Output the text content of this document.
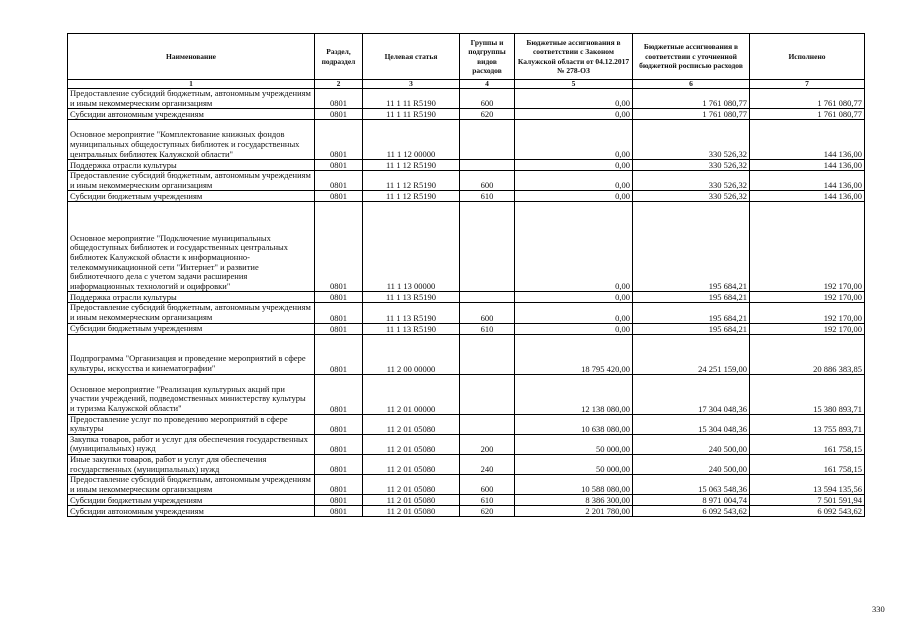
Наименование	Раздел, подраздел	Целевая статья	Группы и подгруппы видов расходов	Бюджетные ассигнования в соответствии с Законом Калужской области от 04.12.2017 № 278-ОЗ	Бюджетные ассигнования в соответствии с уточненной бюджетной росписью расходов	Исполнено
1	2	3	4	5	6	7
Предоставление субсидий бюджетным, автономным учреждениям и иным некоммерческим организациям	0801	11 1 11 R5190	600	0,00	1 761 080,77	1 761 080,77
Субсидии автономным учреждениям	0801	11 1 11 R5190	620	0,00	1 761 080,77	1 761 080,77
Основное мероприятие "Комплектование книжных фондов муниципальных общедоступных библиотек и государственных центральных библиотек Калужской области"	0801	11 1 12 00000		0,00	330 526,32	144 136,00
Поддержка отрасли культуры	0801	11 1 12 R5190		0,00	330 526,32	144 136,00
Предоставление субсидий бюджетным, автономным учреждениям и иным некоммерческим организациям	0801	11 1 12 R5190	600	0,00	330 526,32	144 136,00
Субсидии бюджетным учреждениям	0801	11 1 12 R5190	610	0,00	330 526,32	144 136,00
Основное мероприятие "Подключение муниципальных общедоступных библиотек и государственных центральных библиотек Калужской области к информационно-телекоммуникационной сети "Интернет" и развитие библиотечного дела с учетом задачи расширения информационных технологий и оцифровки"	0801	11 1 13 00000		0,00	195 684,21	192 170,00
Поддержка отрасли культуры	0801	11 1 13 R5190		0,00	195 684,21	192 170,00
Предоставление субсидий бюджетным, автономным учреждениям и иным некоммерческим организациям	0801	11 1 13 R5190	600	0,00	195 684,21	192 170,00
Субсидии бюджетным учреждениям	0801	11 1 13 R5190	610	0,00	195 684,21	192 170,00
Подпрограмма "Организация и проведение мероприятий в сфере культуры, искусства и кинематографии"	0801	11 2 00 00000		18 795 420,00	24 251 159,00	20 886 383,85
Основное мероприятие "Реализация культурных акций при участии учреждений, подведомственных министерству культуры и туризма Калужской области"	0801	11 2 01 00000		12 138 080,00	17 304 048,36	15 380 893,71
Предоставление услуг по проведению мероприятий в сфере культуры	0801	11 2 01 05080		10 638 080,00	15 304 048,36	13 755 893,71
Закупка товаров, работ и услуг для обеспечения государственных (муниципальных) нужд	0801	11 2 01 05080	200	50 000,00	240 500,00	161 758,15
Иные закупки товаров, работ и услуг для обеспечения государственных (муниципальных) нужд	0801	11 2 01 05080	240	50 000,00	240 500,00	161 758,15
Предоставление субсидий бюджетным, автономным учреждениям и иным некоммерческим организациям	0801	11 2 01 05080	600	10 588 080,00	15 063 548,36	13 594 135,56
Субсидии бюджетным учреждениям	0801	11 2 01 05080	610	8 386 300,00	8 971 004,74	7 501 591,94
Субсидии автономным учреждениям	0801	11 2 01 05080	620	2 201 780,00	6 092 543,62	6 092 543,62
330
